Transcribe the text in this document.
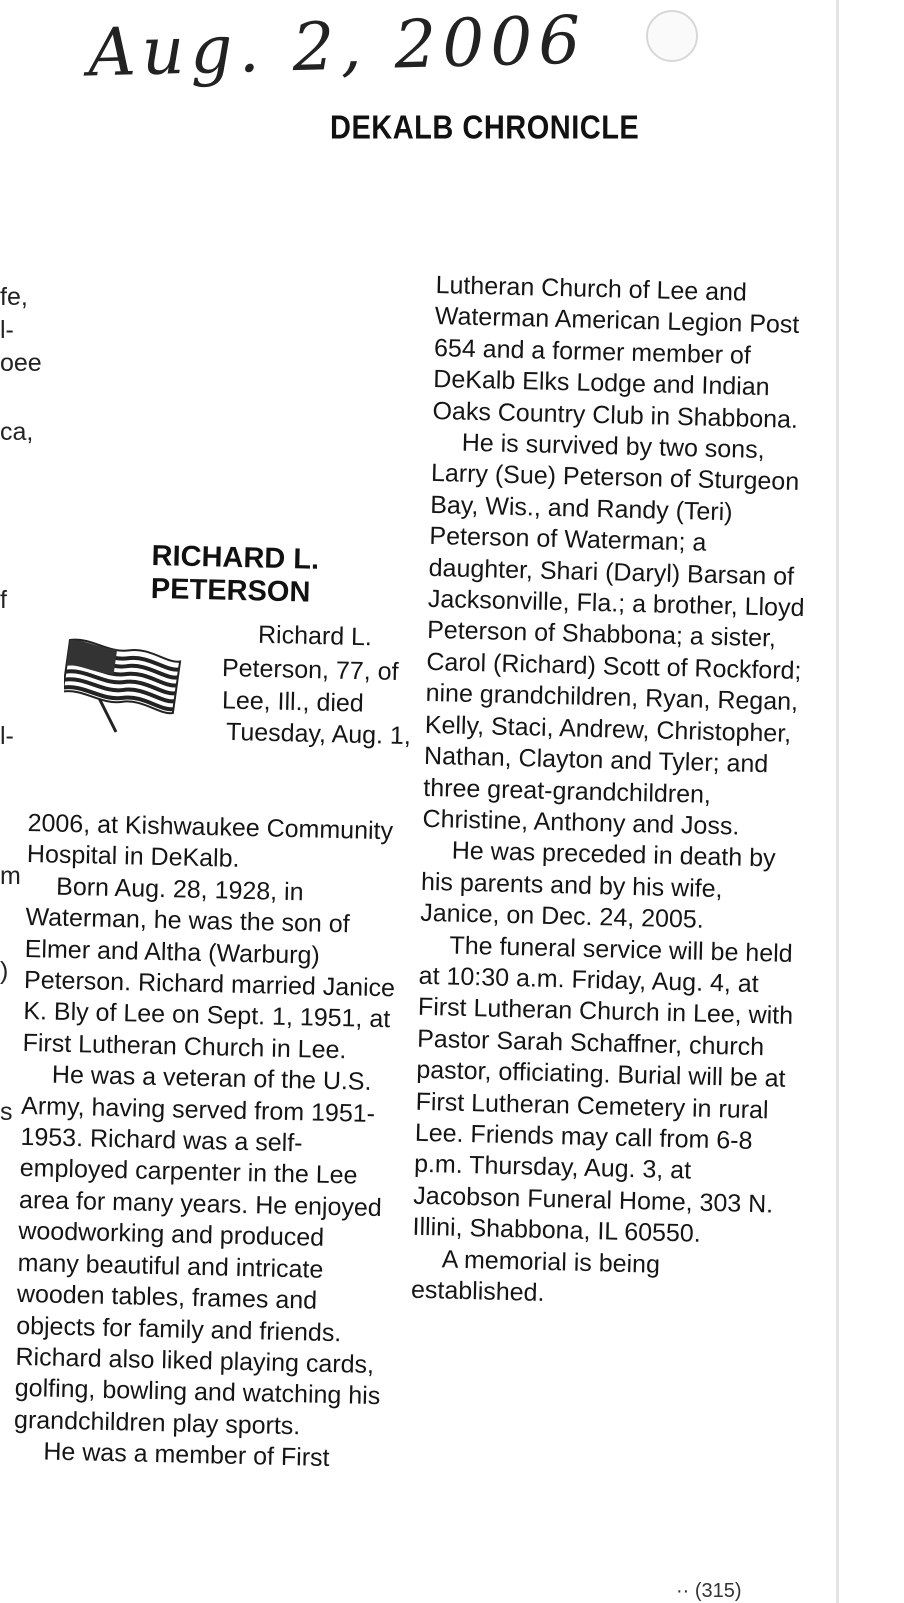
Aug. 2, 2006
DEKALB CHRONICLE
fe,
l-
oee
ca,
f
l-
m
)
s
RICHARD L.
PETERSON
Richard L.
Peterson, 77, of
Lee, Ill., died
Tuesday, Aug. 1,

2006, at Kishwaukee Community Hospital in DeKalb.

Born Aug. 28, 1928, in Waterman, he was the son of Elmer and Altha (Warburg) Peterson. Richard married Janice K. Bly of Lee on Sept. 1, 1951, at First Lutheran Church in Lee.

He was a veteran of the U.S. Army, having served from 1951-1953. Richard was a self-employed carpenter in the Lee area for many years. He enjoyed woodworking and produced many beautiful and intricate wooden tables, frames and objects for family and friends. Richard also liked playing cards, golfing, bowling and watching his grandchildren play sports.

He was a member of First

Lutheran Church of Lee and Waterman American Legion Post 654 and a former member of DeKalb Elks Lodge and Indian Oaks Country Club in Shabbona.

He is survived by two sons, Larry (Sue) Peterson of Sturgeon Bay, Wis., and Randy (Teri) Peterson of Waterman; a daughter, Shari (Daryl) Barsan of Jacksonville, Fla.; a brother, Lloyd Peterson of Shabbona; a sister, Carol (Richard) Scott of Rockford; nine grandchildren, Ryan, Regan, Kelly, Staci, Andrew, Christopher, Nathan, Clayton and Tyler; and three great-grandchildren, Christine, Anthony and Joss.

He was preceded in death by his parents and by his wife, Janice, on Dec. 24, 2005.

The funeral service will be held at 10:30 a.m. Friday, Aug. 4, at First Lutheran Church in Lee, with Pastor Sarah Schaffner, church pastor, officiating. Burial will be at First Lutheran Cemetery in rural Lee. Friends may call from 6-8 p.m. Thursday, Aug. 3, at Jacobson Funeral Home, 303 N. Illini, Shabbona, IL 60550.

A memorial is being established.

·· (315)
